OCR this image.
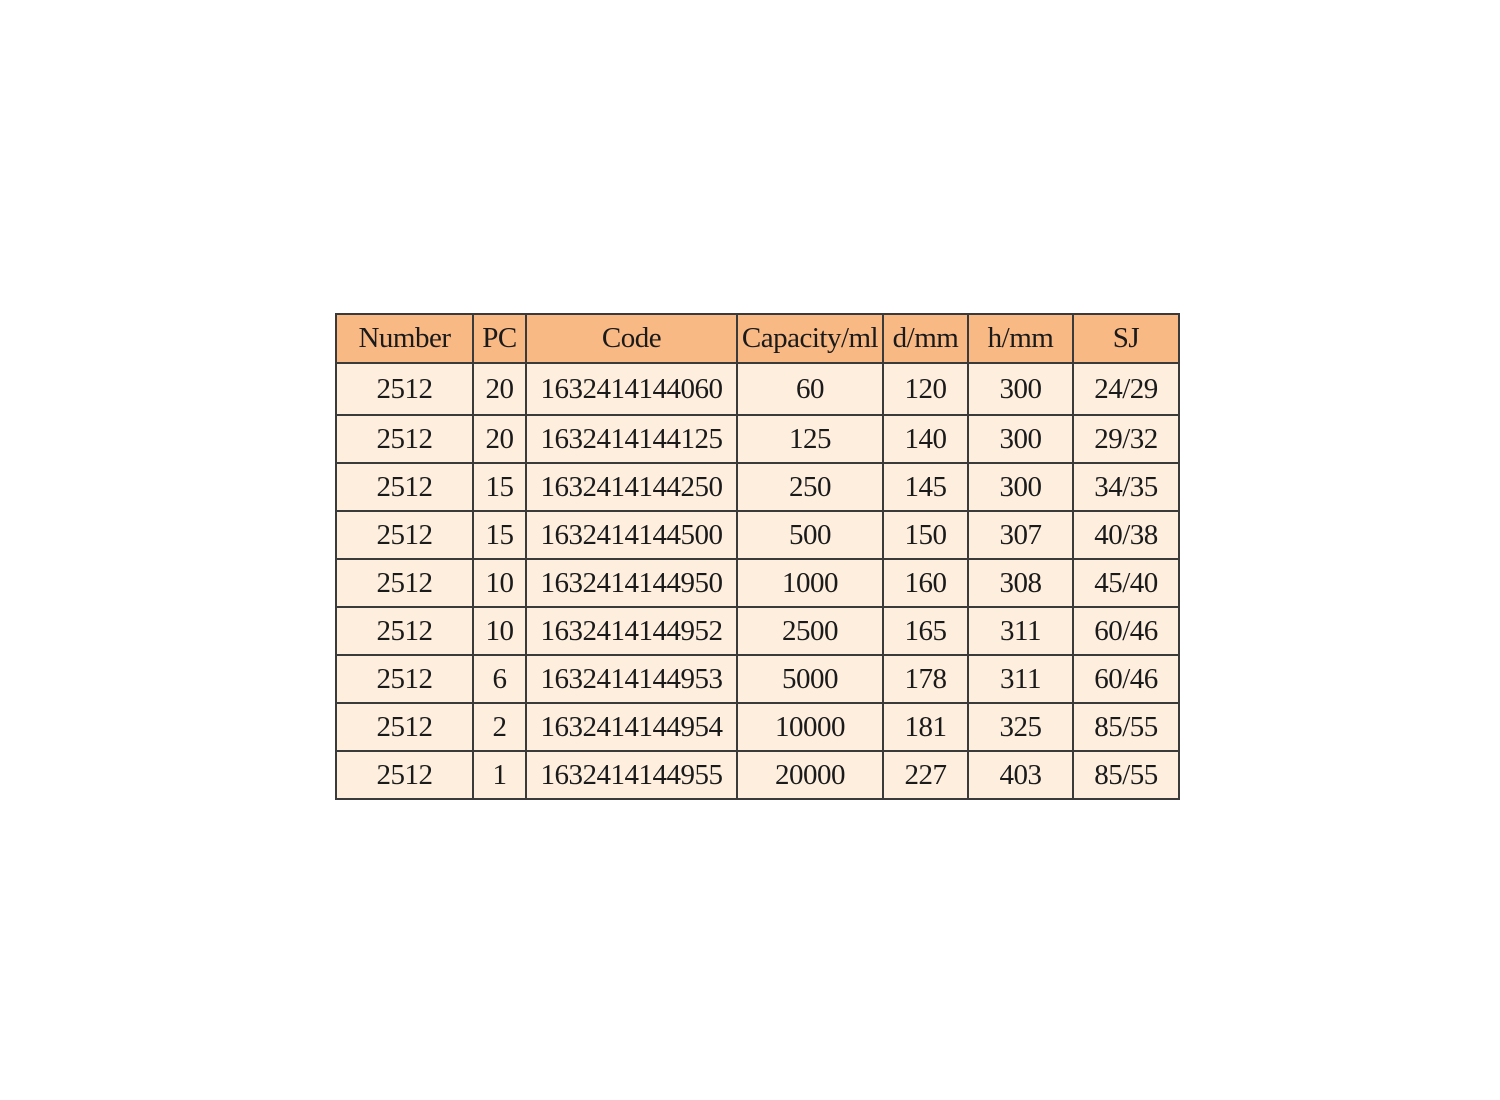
Number	PC	Code	Capacity/ml	d/mm	h/mm	SJ
2512	20	1632414144060	60	120	300	24/29
2512	20	1632414144125	125	140	300	29/32
2512	15	1632414144250	250	145	300	34/35
2512	15	1632414144500	500	150	307	40/38
2512	10	1632414144950	1000	160	308	45/40
2512	10	1632414144952	2500	165	311	60/46
2512	6	1632414144953	5000	178	311	60/46
2512	2	1632414144954	10000	181	325	85/55
2512	1	1632414144955	20000	227	403	85/55
